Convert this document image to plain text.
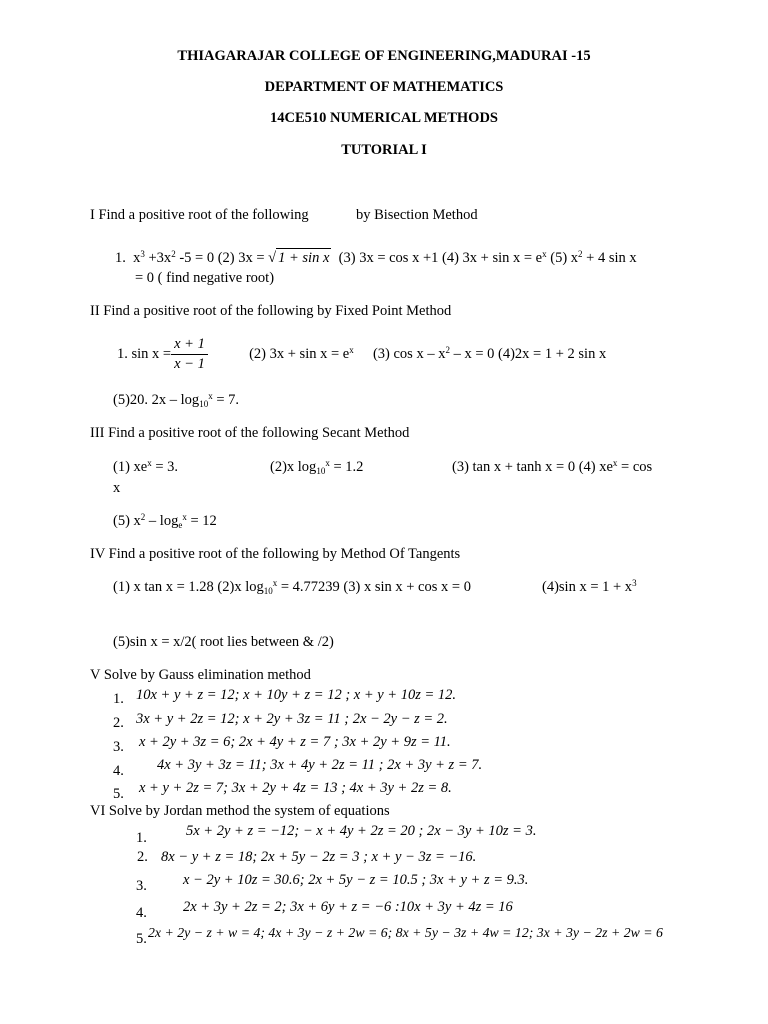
THIAGARAJAR COLLEGE OF ENGINEERING,MADURAI -15
DEPARTMENT OF MATHEMATICS
14CE510 NUMERICAL METHODS
TUTORIAL I
I Find a positive root of the following	by Bisection Method
1. $x^3 +3x^2$ -5 = 0 (2) 3x = √ 1 + sin x (3) 3x = cos x +1 (4) $3x + \sin x = e^x$ (5) $x^2 + 4$ sin x
= 0 ( find negative root)
II Find a positive root of the following by Fixed Point Method
1. $\sin x = \frac{x + 1}{x - 1}$	(2) $3x + \sin x = e^x$ (3) $\cos x - x^2 - x = 0$ (4)2x = 1 + 2 sin x
(5)20. $2x - \log_{10}^x = 7$.
III Find a positive root of the following Secant Method
(1) $xe^x = 3$.	(2)x $\log_{10}^x = 1.2$	(3) tan x + tanh x = 0 (4) $xe^x = \cos$
x
(5) $x^2 - \log_e^x = 12$
IV Find a positive root of the following by Method Of Tangents
(1) x tan x = 1.28 (2)x $\log_{10}^x = 4.77239$ (3) x sin x + cos x = 0	(4)sin $x = 1 + x^3$
(5)sin x = x/2( root lies between & /2)
V Solve by Gauss elimination method
1. 10x + y + z = 12; x + 10y + z = 12 ; x + y + 10z = 12.
2. 3x + y + 2z = 12; x + 2y + 3z = 11 ; 2x − 2y − z = 2.
3. x + 2y + 3z = 6; 2x + 4y + z = 7 ; 3x + 2y + 9z = 11.
4. 4x + 3y + 3z = 11; 3x + 4y + 2z = 11 ; 2x + 3y + z = 7.
5. x + y + 2z = 7; 3x + 2y + 4z = 13 ; 4x + 3y + 2z = 8.
VI Solve by Jordan method the system of equations
1.	5x + 2y + z = −12; − x + 4y + 2z = 20 ; 2x − 3y + 10z = 3.
2. 8x − y + z = 18; 2x + 5y − 2z = 3 ; x + y − 3z = −16.
3. x − 2y + 10z = 30.6; 2x + 5y − z = 10.5 ; 3x + y + z = 9.3.
4. 2x + 3y + 2z = 2; 3x + 6y + z = −6 :10x + 3y + 4z = 16
5. 2x + 2y − z + w = 4; 4x + 3y − z + 2w = 6; 8x + 5y − 3z + 4w = 12; 3x + 3y − 2z + 2w = 6
